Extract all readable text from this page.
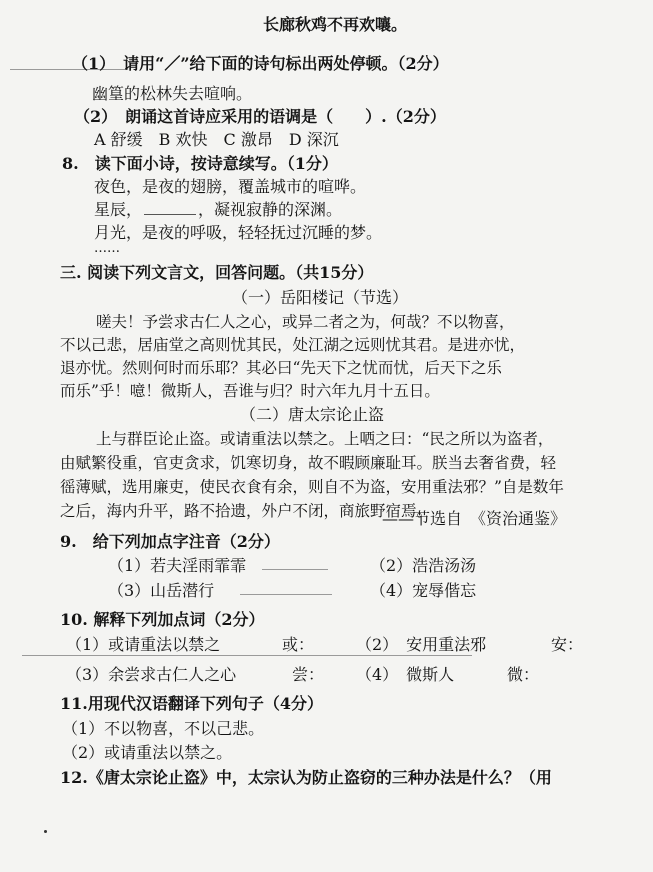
长廊秋鸡不再欢嚷。
（1）　请用“／”给下面的诗句标出两处停顿。（2分）
幽篁的松林失去喧响。
（2）　朗诵这首诗应采用的语调是（　　）.（2分）
A 舒缓　B 欢快　C 激昂　D 深沉
8.　读下面小诗，按诗意续写。（1分）
夜色，是夜的翅膀，覆盖城市的喧哗。
星辰，	，凝视寂静的深渊。
月光，是夜的呼吸，轻轻抚过沉睡的梦。
……
三. 阅读下列文言文，回答问题。（共15分）
（一）岳阳楼记（节选）
嗟夫！予尝求古仁人之心，或异二者之为，何哉？不以物喜，
不以己悲，居庙堂之高则忧其民，处江湖之远则忧其君。是进亦忧，
退亦忧。然则何时而乐耶？其必曰“先天下之忧而忧，后天下之乐
而乐”乎！噫！微斯人，吾谁与归？时六年九月十五日。
（二）唐太宗论止盗
上与群臣论止盗。或请重法以禁之。上哂之曰：“民之所以为盗者，
由赋繁役重，官吏贪求，饥寒切身，故不暇顾廉耻耳。朕当去奢省费，轻
徭薄赋，选用廉吏，使民衣食有余，则自不为盗，安用重法邪？”自是数年
之后，海内升平，路不拾遗，外户不闭，商旅野宿焉。
——节选自　《资治通鉴》
9.　给下列加点字注音（2分）
（1）若夫淫雨霏霏	（2）浩浩汤汤
（3）山岳潜行	（4）宠辱偕忘
10. 解释下列加点词（2分）
（1）或请重法以禁之	或：	（2）　安用重法邪	安：
（3）余尝求古仁人之心	尝： （4）　微斯人	微：
11.用现代汉语翻译下列句子（4分）
（1）不以物喜，不以己悲。
（2）或请重法以禁之。
12.《唐太宗论止盗》中，太宗认为防止盗窃的三种办法是什么？（用
